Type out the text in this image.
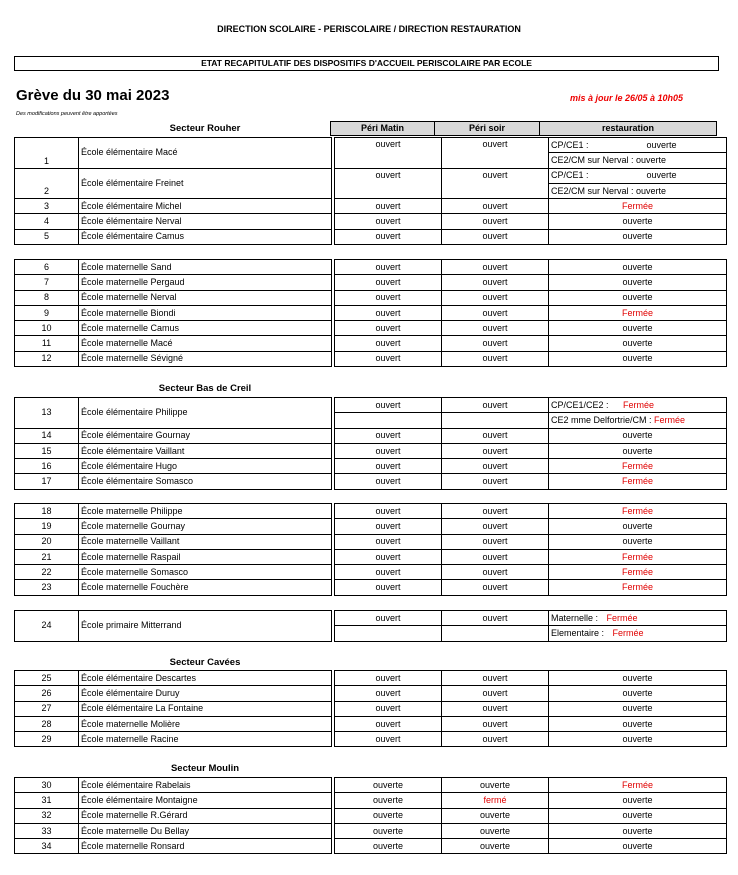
DIRECTION SCOLAIRE - PERISCOLAIRE / DIRECTION RESTAURATION
ETAT RECAPITULATIF DES DISPOSITIFS D'ACCUEIL PERISCOLAIRE PAR ECOLE
Grève du 30 mai 2023	mis à jour le 26/05 à 10h05
Des modifications peuvent être apportées
Secteur Rouher	Péri Matin	Péri soir	restauration
1	École élémentaire Macé		ouvert	ouvert	CP/CE1 : ouverte

					CE2/CM sur Nerval : ouverte
2	École élémentaire Freinet		ouvert	ouvert	CP/CE1 : ouverte

					CE2/CM sur Nerval : ouverte
3	École élémentaire Michel		ouvert	ouvert	Fermée
4	École élémentaire Nerval		ouvert	ouvert	ouverte
5	École élémentaire Camus		ouvert	ouvert	ouverte
6	École maternelle Sand		ouvert	ouvert	ouverte
7	École maternelle Pergaud		ouvert	ouvert	ouverte
8	École maternelle Nerval		ouvert	ouvert	ouverte
9	École maternelle Biondi		ouvert	ouvert	Fermée
10	École maternelle Camus		ouvert	ouvert	ouverte
11	École maternelle Macé		ouvert	ouvert	ouverte
12	École maternelle Sévigné		ouvert	ouvert	ouverte
Secteur Bas de Creil
13	École élémentaire Philippe		ouvert	ouvert	CP/CE1/CE2 : Fermée
					CE2 mme Delfortrie/CM : Fermée
14	École élémentaire Gournay		ouvert	ouvert	ouverte
15	École élémentaire Vaillant		ouvert	ouvert	ouverte
16	École élémentaire Hugo		ouvert	ouvert	Fermée
17	École élémentaire Somasco		ouvert	ouvert	Fermée
18	École maternelle Philippe		ouvert	ouvert	Fermée
19	École maternelle Gournay		ouvert	ouvert	ouverte
20	École maternelle Vaillant		ouvert	ouvert	ouverte
21	École maternelle Raspail		ouvert	ouvert	Fermée
22	École maternelle Somasco		ouvert	ouvert	Fermée
23	École maternelle Fouchère		ouvert	ouvert	Fermée
24	École primaire Mitterrand		ouvert	ouvert	Maternelle : Fermée
					Elementaire : Fermée
Secteur Cavées
25	École élémentaire Descartes		ouvert	ouvert	ouverte
26	École élémentaire Duruy		ouvert	ouvert	ouverte
27	École élémentaire La Fontaine		ouvert	ouvert	ouverte
28	École maternelle Molière		ouvert	ouvert	ouverte
29	École maternelle Racine		ouvert	ouvert	ouverte
Secteur Moulin
30	École élémentaire Rabelais		ouverte	ouverte	Fermée
31	École élémentaire Montaigne		ouverte	fermé	ouverte
32	École maternelle R.Gérard		ouverte	ouverte	ouverte
33	École maternelle Du Bellay		ouverte	ouverte	ouverte
34	École maternelle Ronsard		ouverte	ouverte	ouverte
